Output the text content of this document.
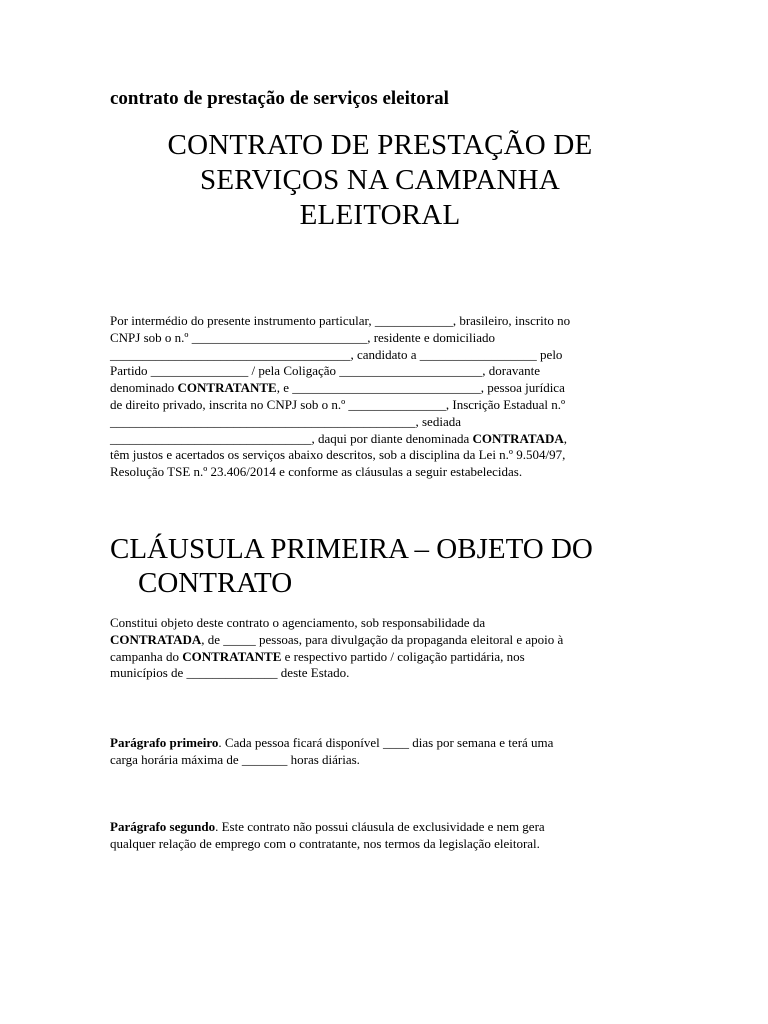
contrato de prestação de serviços eleitoral
CONTRATO DE PRESTAÇÃO DE
SERVIÇOS NA CAMPANHA
ELEITORAL

Por intermédio do presente instrumento particular, ____________, brasileiro, inscrito no
CNPJ sob o n.º ___________________________, residente e domiciliado
_____________________________________, candidato a __________________ pelo
Partido _______________ / pela Coligação ______________________, doravante
denominado CONTRATANTE, e _____________________________, pessoa jurídica
de direito privado, inscrita no CNPJ sob o n.º _______________, Inscrição Estadual n.º
_______________________________________________, sediada
_______________________________, daqui por diante denominada CONTRATADA,
têm justos e acertados os serviços abaixo descritos, sob a disciplina da Lei n.º 9.504/97,
Resolução TSE n.º 23.406/2014 e conforme as cláusulas a seguir estabelecidas.

CLÁUSULA PRIMEIRA – OBJETO DO
CONTRATO

Constitui objeto deste contrato o agenciamento, sob responsabilidade da
CONTRATADA, de _____ pessoas, para divulgação da propaganda eleitoral e apoio à
campanha do CONTRATANTE e respectivo partido / coligação partidária, nos
municípios de ______________ deste Estado.

Parágrafo primeiro. Cada pessoa ficará disponível ____ dias por semana e terá uma
carga horária máxima de _______ horas diárias.

Parágrafo segundo. Este contrato não possui cláusula de exclusividade e nem gera
qualquer relação de emprego com o contratante, nos termos da legislação eleitoral.
